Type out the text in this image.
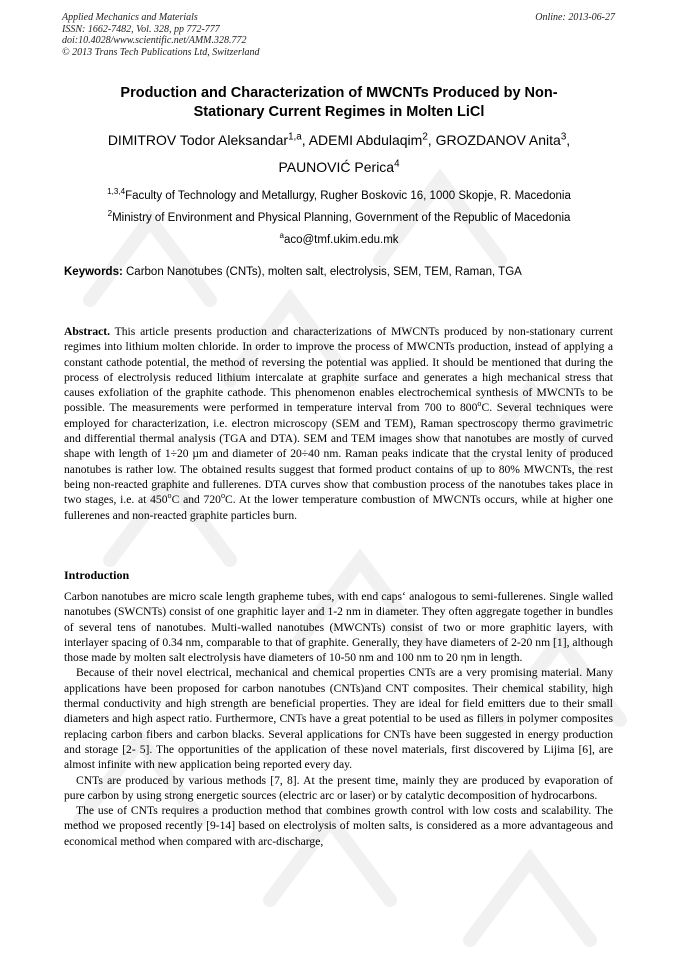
Applied Mechanics and Materials
ISSN: 1662-7482, Vol. 328, pp 772-777
doi:10.4028/www.scientific.net/AMM.328.772
© 2013 Trans Tech Publications Ltd, Switzerland
Online: 2013-06-27
Production and Characterization of MWCNTs Produced by Non-
Stationary Current Regimes in Molten LiCl
DIMITROV Todor Aleksandar$^{1,a}$, ADEMI Abdulaqim$^2$, GROZDANOV Anita$^3$,
PAUNOVIĆ Perica$^4$
$^{1,3,4}$Faculty of Technology and Metallurgy, Rugher Boskovic 16, 1000 Skopje, R. Macedonia
$^2$Ministry of Environment and Physical Planning, Government of the Republic of Macedonia
$^a$aco@tmf.ukim.edu.mk
Keywords: Carbon Nanotubes (CNTs), molten salt, electrolysis, SEM, TEM, Raman, TGA
Abstract. This article presents production and characterizations of MWCNTs produced by non-stationary current regimes into lithium molten chloride. In order to improve the process of MWCNTs production, instead of applying a constant cathode potential, the method of reversing the potential was applied. It should be mentioned that during the process of electrolysis reduced lithium intercalate at graphite surface and generates a high mechanical stress that causes exfoliation of the graphite cathode. This phenomenon enables electrochemical synthesis of MWCNTs to be possible. The measurements were performed in temperature interval from 700 to 800$^o$C. Several techniques were employed for characterization, i.e. electron microscopy (SEM and TEM), Raman spectroscopy thermo gravimetric and differential thermal analysis (TGA and DTA). SEM and TEM images show that nanotubes are mostly of curved shape with length of 1÷20 µm and diameter of 20÷40 nm. Raman peaks indicate that the crystal lenity of produced nanotubes is rather low. The obtained results suggest that formed product contains of up to 80% MWCNTs, the rest being non-reacted graphite and fullerenes. DTA curves show that combustion process of the nanotubes takes place in two stages, i.e. at 450$^o$C and 720$^o$C. At the lower temperature combustion of MWCNTs occurs, while at higher one fullerenes and non-reacted graphite particles burn.
Introduction

Carbon nanotubes are micro scale length grapheme tubes, with end caps‘ analogous to semi-fullerenes. Single walled nanotubes (SWCNTs) consist of one graphitic layer and 1-2 nm in diameter. They often aggregate together in bundles of several tens of nanotubes. Multi-walled nanotubes (MWCNTs) consist of two or more graphitic layers, with interlayer spacing of 0.34 nm, comparable to that of graphite. Generally, they have diameters of 2-20 nm [1], although those made by molten salt electrolysis have diameters of 10-50 nm and 100 nm to 20 ηm in length.

Because of their novel electrical, mechanical and chemical properties CNTs are a very promising material. Many applications have been proposed for carbon nanotubes (CNTs)and CNT composites. Their chemical stability, high thermal conductivity and high strength are beneficial properties. They are ideal for field emitters due to their small diameters and high aspect ratio. Furthermore, CNTs have a great potential to be used as fillers in polymer composites replacing carbon fibers and carbon blacks. Several applications for CNTs have been suggested in energy production and storage [2- 5]. The opportunities of the application of these novel materials, first discovered by Lijima [6], are almost infinite with new application being reported every day.

CNTs are produced by various methods [7, 8]. At the present time, mainly they are produced by evaporation of pure carbon by using strong energetic sources (electric arc or laser) or by catalytic decomposition of hydrocarbons.

The use of CNTs requires a production method that combines growth control with low costs and scalability. The method we proposed recently [9-14] based on electrolysis of molten salts, is considered as a more advantageous and economical method when compared with arc-discharge,
